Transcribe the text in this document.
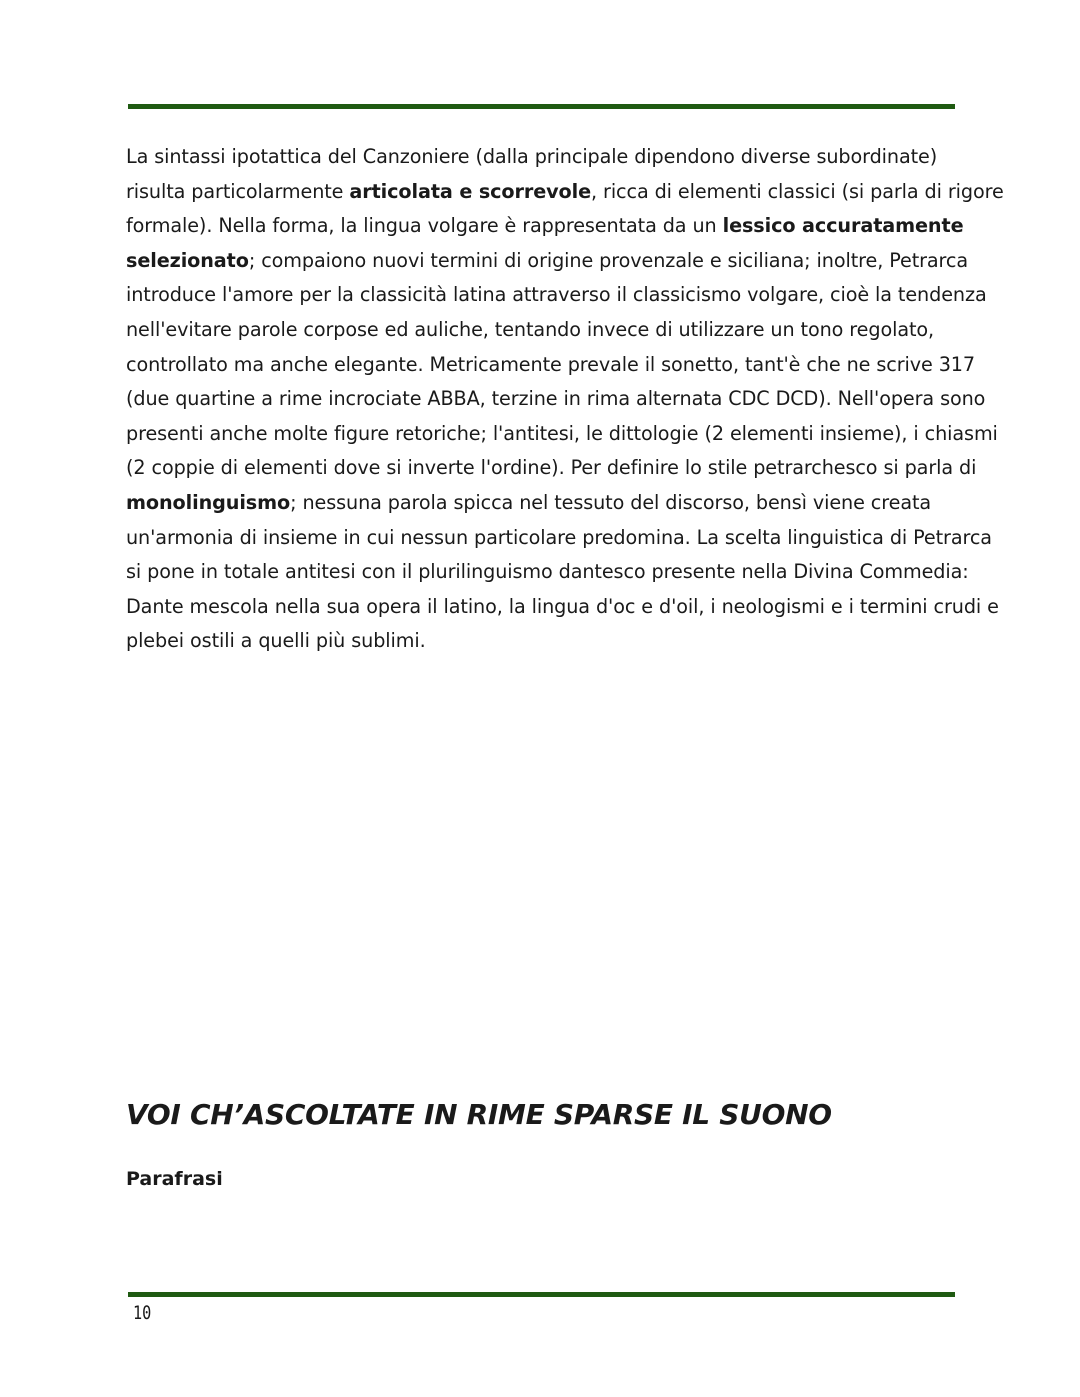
La sintassi ipotattica del Canzoniere (dalla principale dipendono diverse subordinate)
risulta particolarmente articolata e scorrevole, ricca di elementi classici (si parla di rigore
formale). Nella forma, la lingua volgare è rappresentata da un lessico accuratamente
selezionato; compaiono nuovi termini di origine provenzale e siciliana; inoltre, Petrarca
introduce l'amore per la classicità latina attraverso il classicismo volgare, cioè la tendenza
nell'evitare parole corpose ed auliche, tentando invece di utilizzare un tono regolato,
controllato ma anche elegante. Metricamente prevale il sonetto, tant'è che ne scrive 317
(due quartine a rime incrociate ABBA, terzine in rima alternata CDC DCD). Nell'opera sono
presenti anche molte figure retoriche; l'antitesi, le dittologie (2 elementi insieme), i chiasmi
(2 coppie di elementi dove si inverte l'ordine). Per definire lo stile petrarchesco si parla di
monolinguismo; nessuna parola spicca nel tessuto del discorso, bensì viene creata
un'armonia di insieme in cui nessun particolare predomina. La scelta linguistica di Petrarca
si pone in totale antitesi con il plurilinguismo dantesco presente nella Divina Commedia:
Dante mescola nella sua opera il latino, la lingua d'oc e d'oil, i neologismi e i termini crudi e
plebei ostili a quelli più sublimi.

VOI CH’ASCOLTATE IN RIME SPARSE IL SUONO
Parafrasi
10
